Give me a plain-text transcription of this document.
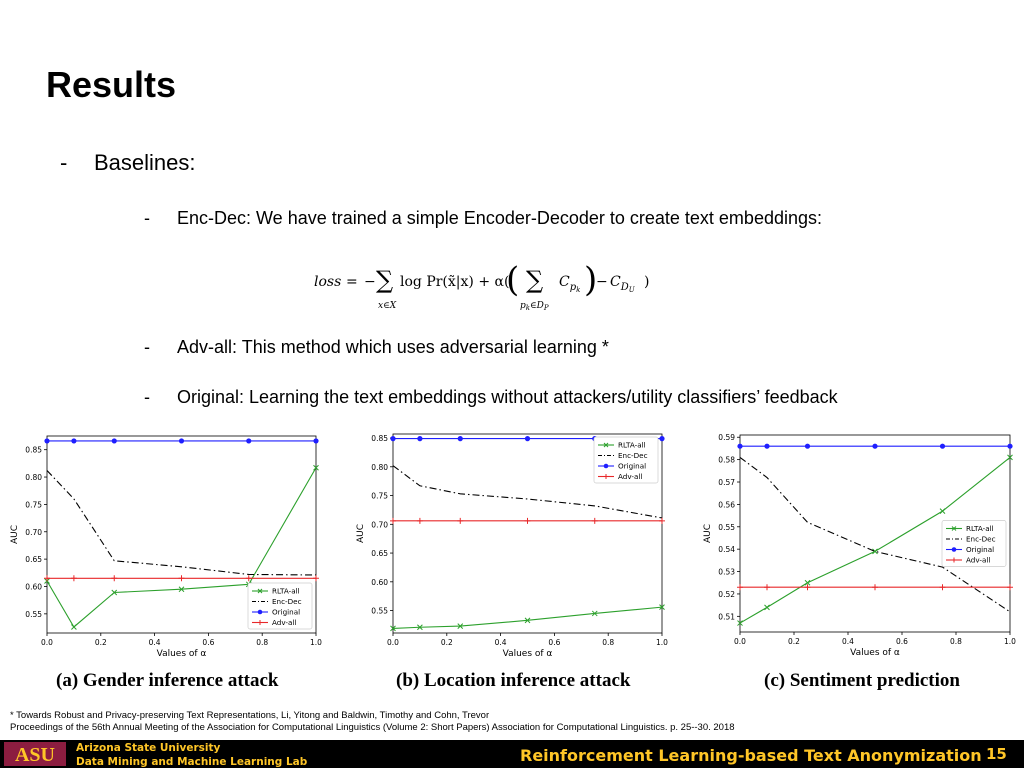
Results
- Baselines:
- Enc-Dec: We have trained a simple Encoder-Decoder to create text embeddings:
- Adv-all: This method which uses adversarial learning *
- Original: Learning the text embeddings without attackers/utility classifiers’ feedback
loss = − ∑
x∈X
log Pr(x̃|x) + α(
( ∑
$p_k\in D_P$
$C_pk$ )
− $C_DU$ )
0.55
0.60
0.65
0.70
0.75
0.80
0.85
0.0	0.2	0.4	0.6	0.8	1.0
Values of α
AUC
RLTA-all
Enc-Dec
Original
Adv-all
0.55
0.60
0.65
0.70
0.75
0.80
0.85
0.0	0.2	0.4	0.6	0.8	1.0
Values of α
AUC
RLTA-all
Enc-Dec
Original
Adv-all
0.51
0.52
0.53
0.54
0.55
0.56
0.57
0.58
0.59
0.0	0.2	0.4	0.6	0.8	1.0
Values of α
AUC	RLTA-all
Enc-Dec
Original
Adv-all
(a) Gender inference attack	(b) Location inference attack	(c) Sentiment prediction
* Towards Robust and Privacy-preserving Text Representations, Li, Yitong and Baldwin, Timothy and Cohn, Trevor
Proceedings of the 56th Annual Meeting of the Association for Computational Linguistics (Volume 2: Short Papers) Association for Computational Linguistics. p. 25--30. 2018
ASU Arizona State University
Data Mining and Machine Learning Lab	Reinforcement Learning-based Text Anonymization 15
